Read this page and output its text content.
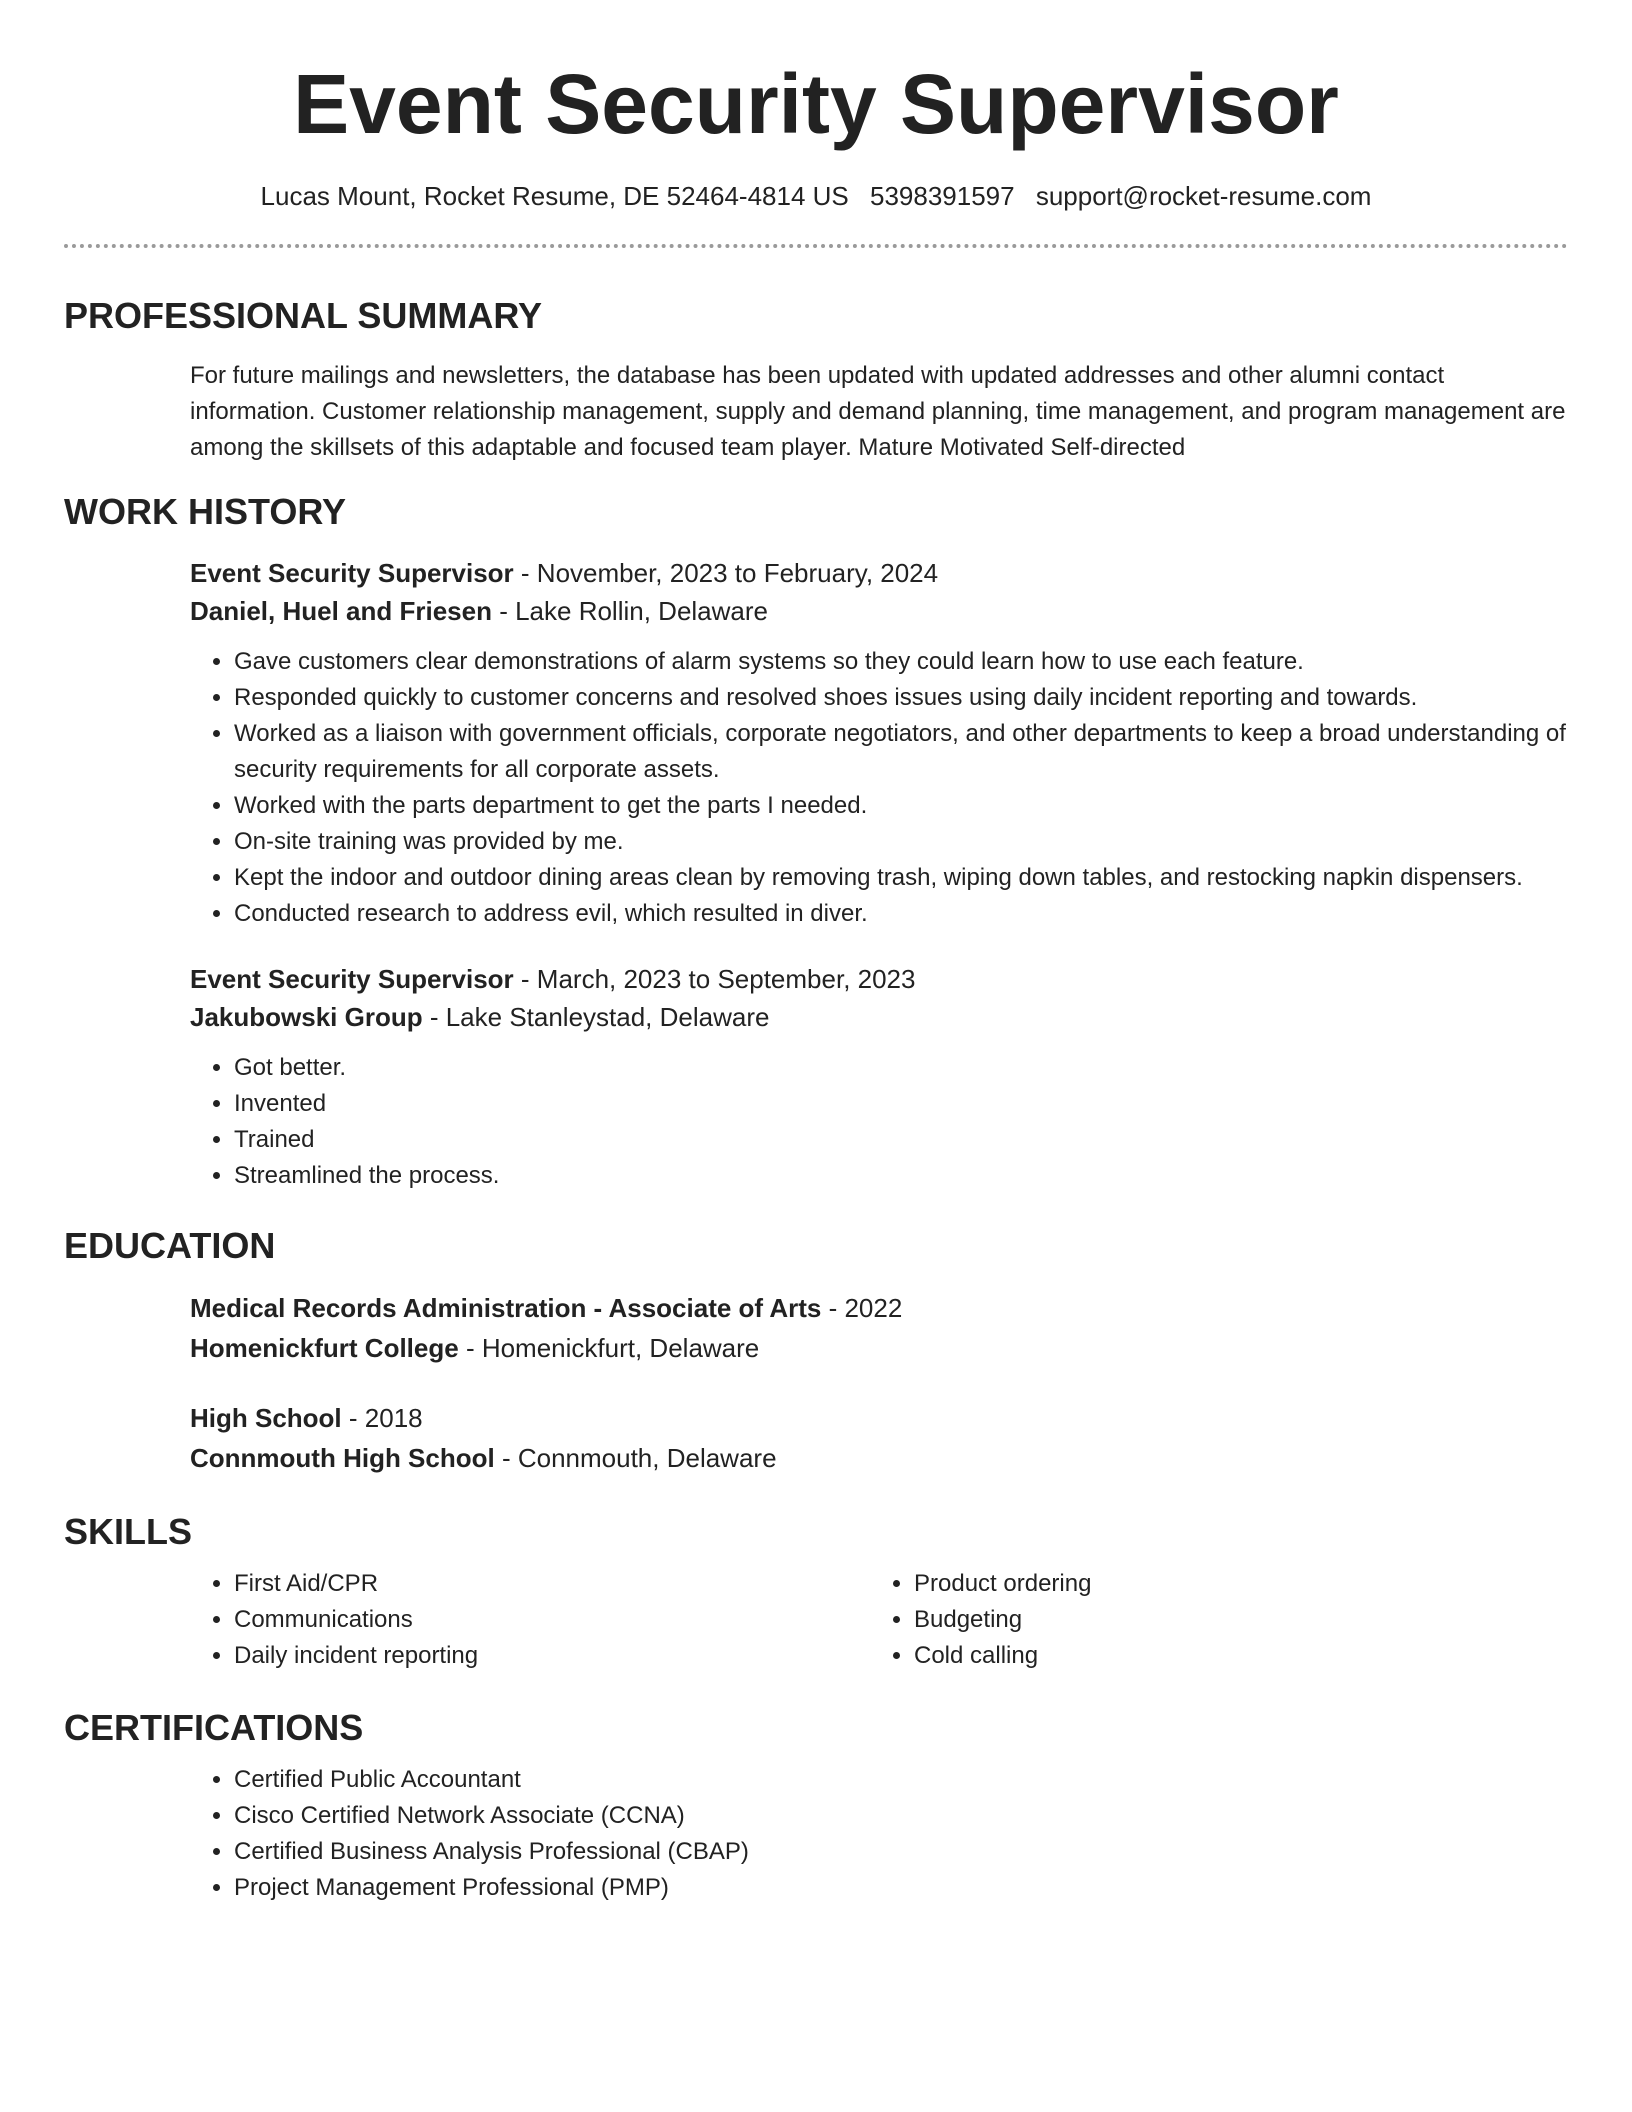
Event Security Supervisor
Lucas Mount, Rocket Resume, DE 52464-4814 US 5398391597 support@rocket-resume.com
PROFESSIONAL SUMMARY
For future mailings and newsletters, the database has been updated with updated addresses and other alumni contact information. Customer relationship management, supply and demand planning, time management, and program management are among the skillsets of this adaptable and focused team player. Mature Motivated Self-directed
WORK HISTORY
Event Security Supervisor - November, 2023 to February, 2024
Daniel, Huel and Friesen - Lake Rollin, Delaware
• Gave customers clear demonstrations of alarm systems so they could learn how to use each feature.
• Responded quickly to customer concerns and resolved shoes issues using daily incident reporting and towards.
• Worked as a liaison with government officials, corporate negotiators, and other departments to keep a broad understanding of security requirements for all corporate assets.
• Worked with the parts department to get the parts I needed.
• On-site training was provided by me.
• Kept the indoor and outdoor dining areas clean by removing trash, wiping down tables, and restocking napkin dispensers.
• Conducted research to address evil, which resulted in diver.
Event Security Supervisor - March, 2023 to September, 2023
Jakubowski Group - Lake Stanleystad, Delaware
• Got better.
• Invented
• Trained
• Streamlined the process.
EDUCATION
Medical Records Administration - Associate of Arts - 2022
Homenickfurt College - Homenickfurt, Delaware
High School - 2018
Connmouth High School - Connmouth, Delaware
SKILLS
• First Aid/CPR
• Communications
• Daily incident reporting
• Product ordering
• Budgeting
• Cold calling
CERTIFICATIONS
• Certified Public Accountant
• Cisco Certified Network Associate (CCNA)
• Certified Business Analysis Professional (CBAP)
• Project Management Professional (PMP)
